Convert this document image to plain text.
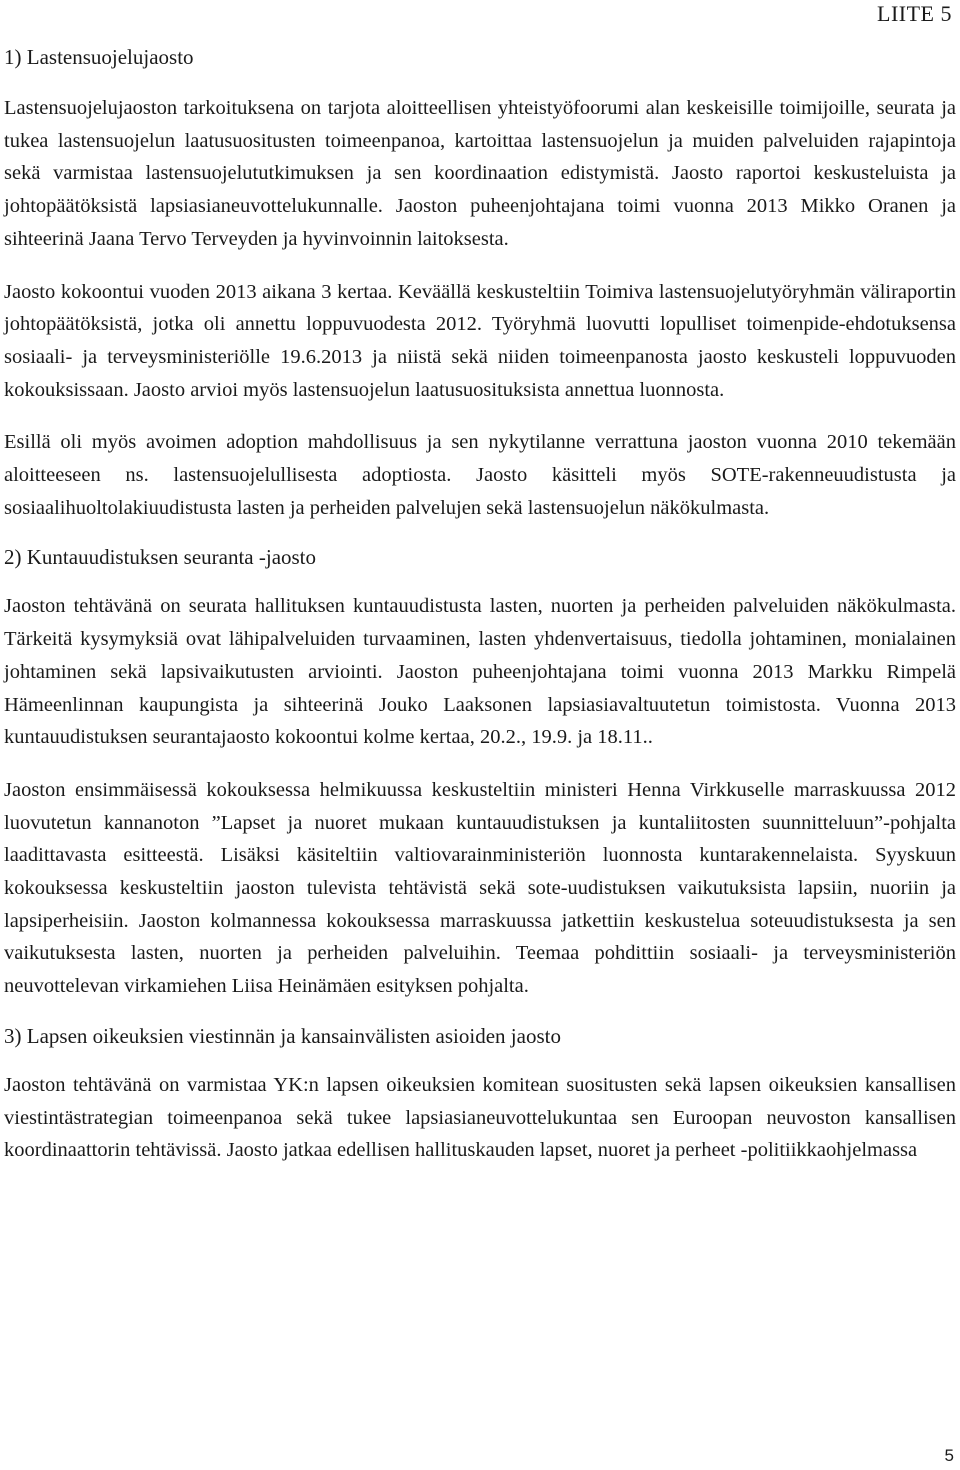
LIITE 5

1) Lastensuojelujaosto

Lastensuojelujaoston tarkoituksena on tarjota aloitteellisen yhteistyöfoorumi alan keskeisille toimijoille, seurata ja tukea lastensuojelun laatusuositusten toimeenpanoa, kartoittaa lastensuojelun ja muiden palveluiden rajapintoja sekä varmistaa lastensuojelututkimuksen ja sen koordinaation edistymistä. Jaosto raportoi keskusteluista ja johtopäätöksistä lapsiasianeuvottelukunnalle. Jaoston puheenjohtajana toimi vuonna 2013 Mikko Oranen ja sihteerinä Jaana Tervo Terveyden ja hyvinvoinnin laitoksesta.

Jaosto kokoontui vuoden 2013 aikana 3 kertaa. Keväällä keskusteltiin Toimiva lastensuojelutyöryhmän väliraportin johtopäätöksistä, jotka oli annettu loppuvuodesta 2012. Työryhmä luovutti lopulliset toimenpide-ehdotuksensa sosiaali- ja terveysministeriölle 19.6.2013 ja niistä sekä niiden toimeenpanosta jaosto keskusteli loppuvuoden kokouksissaan. Jaosto arvioi myös lastensuojelun laatusuosituksista annettua luonnosta.

Esillä oli myös avoimen adoption mahdollisuus ja sen nykytilanne verrattuna jaoston vuonna 2010 tekemään aloitteeseen ns. lastensuojelullisesta adoptiosta. Jaosto käsitteli myös SOTE-rakenneuudistusta ja sosiaalihuoltolakiuudistusta lasten ja perheiden palvelujen sekä lastensuojelun näkökulmasta.

2) Kuntauudistuksen seuranta -jaosto

Jaoston tehtävänä on seurata hallituksen kuntauudistusta lasten, nuorten ja perheiden palveluiden näkökulmasta. Tärkeitä kysymyksiä ovat lähipalveluiden turvaaminen, lasten yhdenvertaisuus, tiedolla johtaminen, monialainen johtaminen sekä lapsivaikutusten arviointi. Jaoston puheenjohtajana toimi vuonna 2013 Markku Rimpelä Hämeenlinnan kaupungista ja sihteerinä Jouko Laaksonen lapsiasiavaltuutetun toimistosta. Vuonna 2013 kuntauudistuksen seurantajaosto kokoontui kolme kertaa, 20.2., 19.9. ja 18.11..

Jaoston ensimmäisessä kokouksessa helmikuussa keskusteltiin ministeri Henna Virkkuselle marraskuussa 2012 luovutetun kannanoton ”Lapset ja nuoret mukaan kuntauudistuksen ja kuntaliitosten suunnitteluun”-pohjalta laadittavasta esitteestä. Lisäksi käsiteltiin valtiovarainministeriön luonnosta kuntarakennelaista. Syyskuun kokouksessa keskusteltiin jaoston tulevista tehtävistä sekä sote-uudistuksen vaikutuksista lapsiin, nuoriin ja lapsiperheisiin. Jaoston kolmannessa kokouksessa marraskuussa jatkettiin keskustelua soteuudistuksesta ja sen vaikutuksesta lasten, nuorten ja perheiden palveluihin. Teemaa pohdittiin sosiaali- ja terveysministeriön neuvottelevan virkamiehen Liisa Heinämäen esityksen pohjalta.

3) Lapsen oikeuksien viestinnän ja kansainvälisten asioiden jaosto

Jaoston tehtävänä on varmistaa YK:n lapsen oikeuksien komitean suositusten sekä lapsen oikeuksien kansallisen viestintästrategian toimeenpanoa sekä tukee lapsiasianeuvottelukuntaa sen Euroopan neuvoston kansallisen koordinaattorin tehtävissä. Jaosto jatkaa edellisen hallituskauden lapset, nuoret ja perheet -politiikkaohjelmassa

5
